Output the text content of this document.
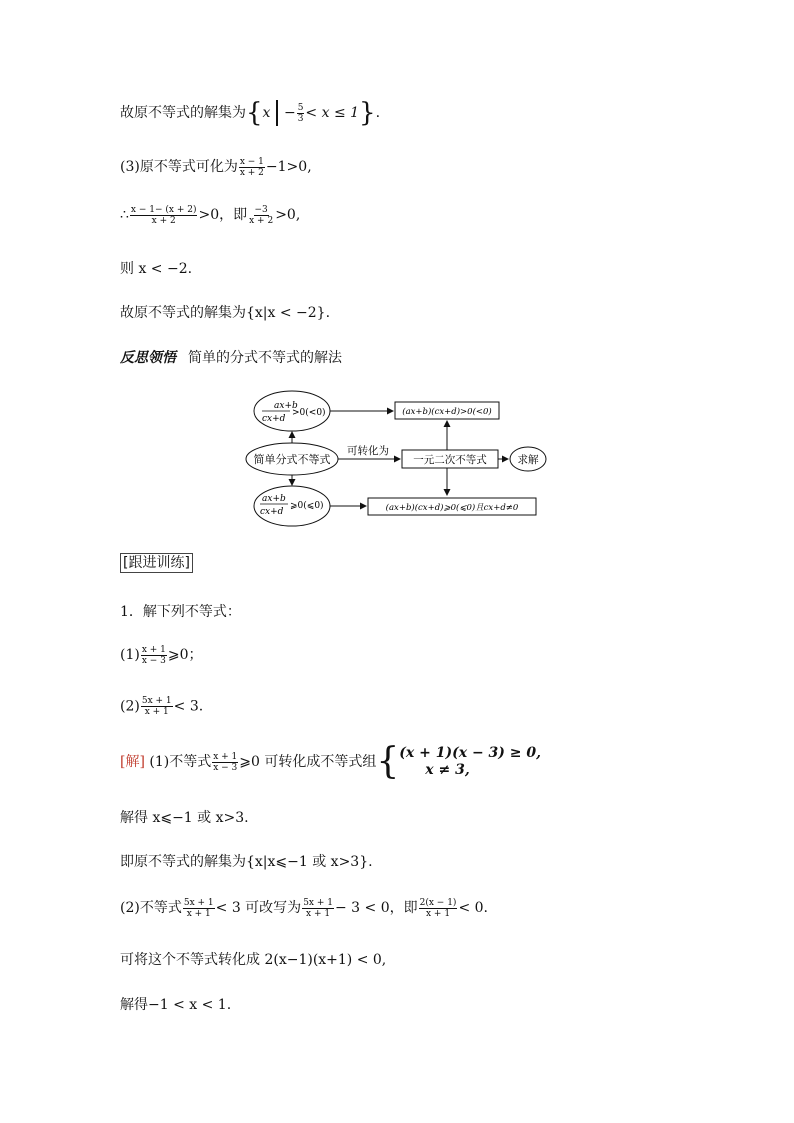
故原不等式的解集为$\{x - \frac{5}{3} < x \le 1\}$.
(3)原不等式可化为 $\frac{x - 1}{x + 2} -1>0$,
∴ $\frac{x - 1- (x + 2)}{x + 2} >0$，即 $\frac{-3}{x + 2} >0$,
则 x < −2.
故原不等式的解集为{x|x < −2}.
反思领悟 简单的分式不等式的解法
ax+b
cx+d
>0(<0)
简单分式不等式
ax+b
cx+d
⩾0(⩽0)
(ax+b)(cx+d)>0(<0)
一元二次不等式
可转化为
(ax+b)(cx+d)⩾0(⩽0)且cx+d≠0
求解
[跟进训练]
1．解下列不等式：
$(1) \frac{x + 1}{x - 3}$ ⩾0；
$(2) \frac{5x + 1}{x + 1} < 3$.
[解] (1)不等式 $\frac{x + 1}{x - 3}$ ⩾0 可转化成不等式组{ (x + 1)(x − 3) ≥ 0,
x ≠ 3,
解得 x⩽−1 或 x>3.
即原不等式的解集为{x|x⩽−1 或 x>3}.
(2)不等式 $\frac{5x + 1}{x + 1} < 3$ 可改写为 $\frac{5x + 1}{x + 1} - 3 < 0$，即 $\frac{2(x - 1)}{x + 1} < 0$.
可将这个不等式转化成 2(x−1)(x+1) < 0,
解得−1 < x < 1.
